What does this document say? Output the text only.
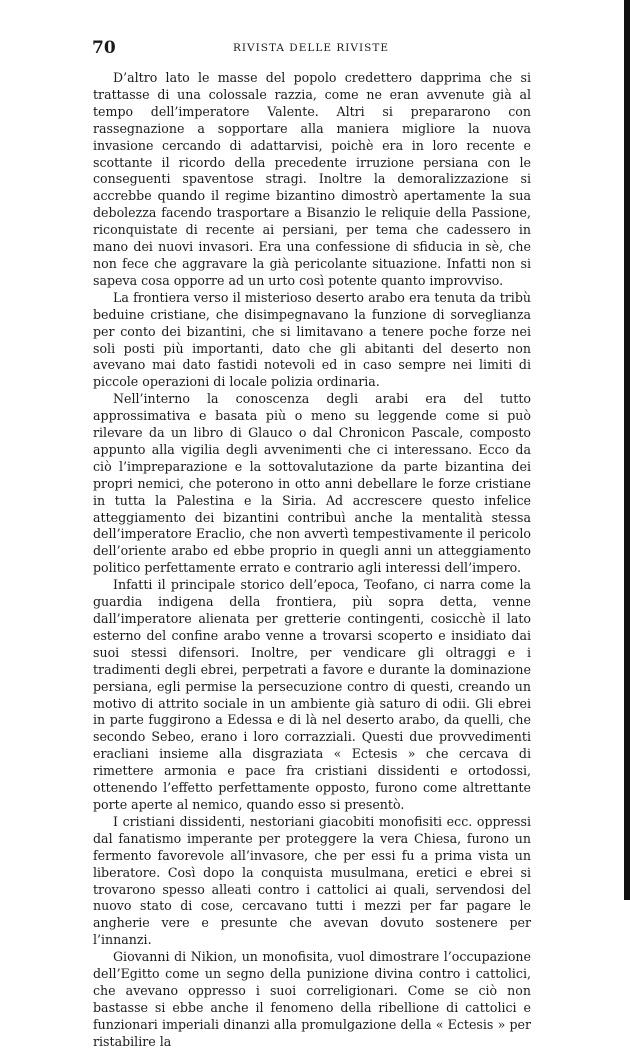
70	RIVISTA DELLE RIVISTE

D’altro lato le masse del popolo credettero dapprima che si trattasse di una colossale razzia, come ne eran avvenute già al tempo dell’imperatore Valente. Altri si prepararono con rassegnazione a sopportare alla maniera migliore la nuova invasione cercando di adattarvisi, poichè era in loro recente e scottante il ricordo della precedente irruzione persiana con le conseguenti spaventose stragi. Inoltre la demoralizzazione si accrebbe quando il regime bizantino dimostrò apertamente la sua debolezza facendo trasportare a Bisanzio le reliquie della Passione, riconquistate di recente ai persiani, per tema che cadessero in mano dei nuovi invasori. Era una confessione di sfiducia in sè, che non fece che aggravare la già pericolante situazione. Infatti non si sapeva cosa opporre ad un urto così potente quanto improvviso.

La frontiera verso il misterioso deserto arabo era tenuta da tribù beduine cristiane, che disimpegnavano la funzione di sorveglianza per conto dei bizantini, che si limitavano a tenere poche forze nei soli posti più importanti, dato che gli abitanti del deserto non avevano mai dato fastidi notevoli ed in caso sempre nei limiti di piccole operazioni di locale polizia ordinaria.

Nell’interno la conoscenza degli arabi era del tutto approssimativa e basata più o meno su leggende come si può rilevare da un libro di Glauco o dal Chronicon Pascale, composto appunto alla vigilia degli avvenimenti che ci interessano. Ecco da ciò l’impreparazione e la sottovalutazione da parte bizantina dei propri nemici, che poterono in otto anni debellare le forze cristiane in tutta la Palestina e la Siria. Ad accrescere questo infelice atteggiamento dei bizantini contribuì anche la mentalità stessa dell’imperatore Eraclio, che non avvertì tempestivamente il pericolo dell’oriente arabo ed ebbe proprio in quegli anni un atteggiamento politico perfettamente errato e contrario agli interessi dell’impero.

Infatti il principale storico dell’epoca, Teofano, ci narra come la guardia indigena della frontiera, più sopra detta, venne dall’imperatore alienata per gretterie contingenti, cosicchè il lato esterno del confine arabo venne a trovarsi scoperto e insidiato dai suoi stessi difensori. Inoltre, per vendicare gli oltraggi e i tradimenti degli ebrei, perpetrati a favore e durante la dominazione persiana, egli permise la persecuzione contro di questi, creando un motivo di attrito sociale in un ambiente già saturo di odii. Gli ebrei in parte fuggirono a Edessa e di là nel deserto arabo, da quelli, che secondo Sebeo, erano i loro corrazziali. Questi due provvedimenti eracliani insieme alla disgraziata « Ectesis » che cercava di rimettere armonia e pace fra cristiani dissidenti e ortodossi, ottenendo l’effetto perfettamente opposto, furono come altrettante porte aperte al nemico, quando esso si presentò.

I cristiani dissidenti, nestoriani giacobiti monofisiti ecc. oppressi dal fanatismo imperante per proteggere la vera Chiesa, furono un fermento favorevole all’invasore, che per essi fu a prima vista un liberatore. Così dopo la conquista musulmana, eretici e ebrei si trovarono spesso alleati contro i cattolici ai quali, servendosi del nuovo stato di cose, cercavano tutti i mezzi per far pagare le angherie vere e presunte che avevan dovuto sostenere per l’innanzi.

Giovanni di Nikion, un monofisita, vuol dimostrare l’occupazione dell’Egitto come un segno della punizione divina contro i cattolici, che avevano oppresso i suoi correligionari. Come se ciò non bastasse si ebbe anche il fenomeno della ribellione di cattolici e funzionari imperiali dinanzi alla promulgazione della « Ectesis » per ristabilire la
